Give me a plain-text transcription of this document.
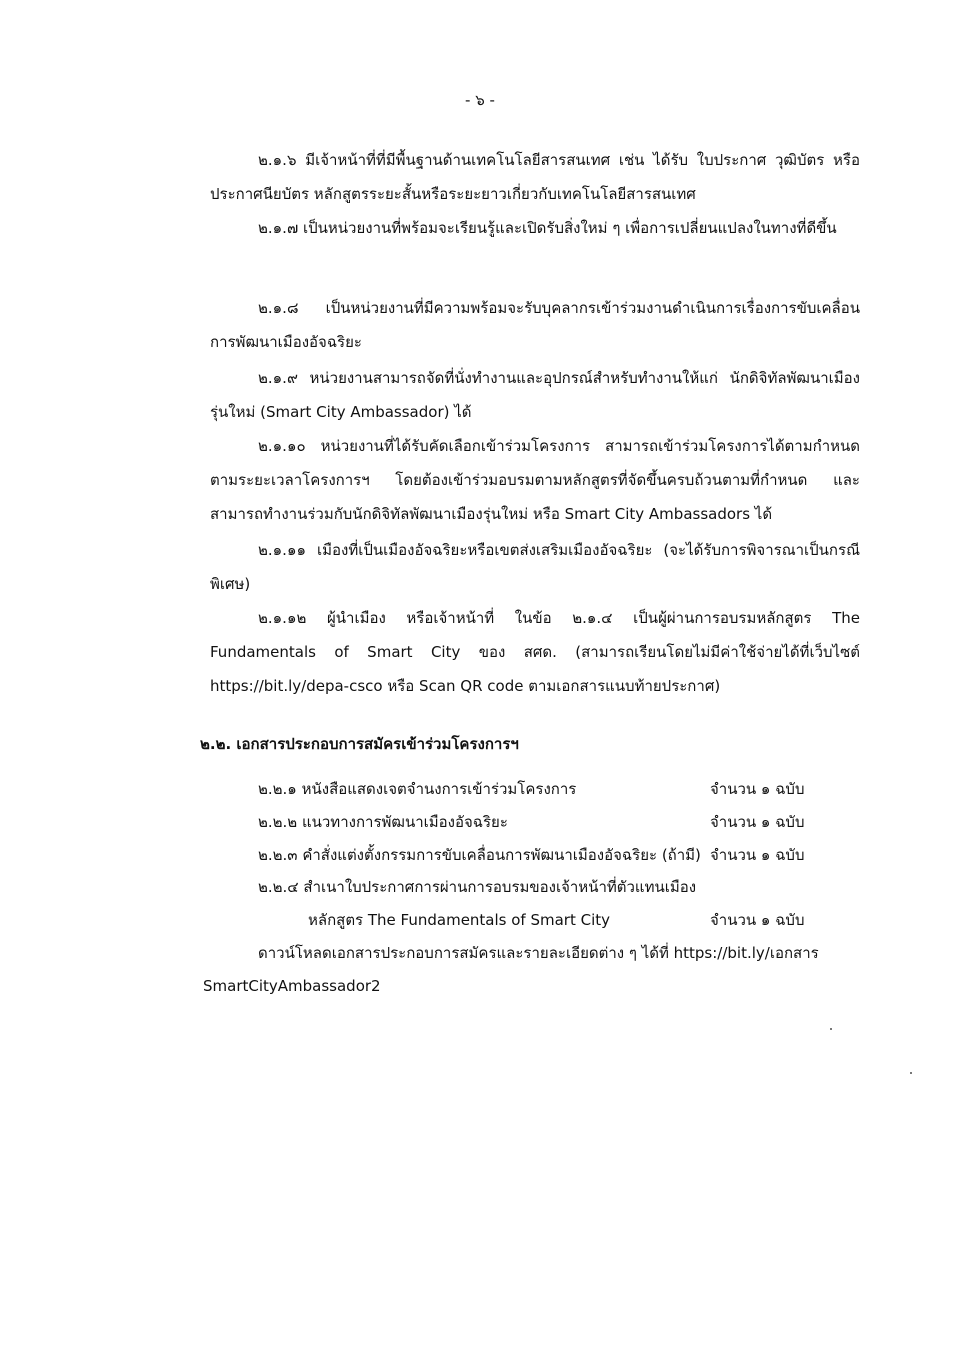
- ๖ -
๒.๑.๖ มีเจ้าหน้าที่ที่มีพื้นฐานด้านเทคโนโลยีสารสนเทศ เช่น ได้รับ ใบประกาศ วุฒิบัตร หรือประกาศนียบัตร หลักสูตรระยะสั้นหรือระยะยาวเกี่ยวกับเทคโนโลยีสารสนเทศ
๒.๑.๗ เป็นหน่วยงานที่พร้อมจะเรียนรู้และเปิดรับสิ่งใหม่ ๆ เพื่อการเปลี่ยนแปลงในทางที่ดีขึ้น
๒.๑.๘ เป็นหน่วยงานที่มีความพร้อมจะรับบุคลากรเข้าร่วมงานดำเนินการเรื่องการขับเคลื่อนการพัฒนาเมืองอัจฉริยะ
๒.๑.๙ หน่วยงานสามารถจัดที่นั่งทำงานและอุปกรณ์สำหรับทำงานให้แก่ นักดิจิทัลพัฒนาเมืองรุ่นใหม่ (Smart City Ambassador) ได้
๒.๑.๑๐ หน่วยงานที่ได้รับคัดเลือกเข้าร่วมโครงการ สามารถเข้าร่วมโครงการได้ตามกำหนดตามระยะเวลาโครงการฯ โดยต้องเข้าร่วมอบรมตามหลักสูตรที่จัดขึ้นครบถ้วนตามที่กำหนด และสามารถทำงานร่วมกับนักดิจิทัลพัฒนาเมืองรุ่นใหม่ หรือ Smart City Ambassadors ได้
๒.๑.๑๑ เมืองที่เป็นเมืองอัจฉริยะหรือเขตส่งเสริมเมืองอัจฉริยะ (จะได้รับการพิจารณาเป็นกรณีพิเศษ)
๒.๑.๑๒ ผู้นำเมือง หรือเจ้าหน้าที่ ในข้อ ๒.๑.๔ เป็นผู้ผ่านการอบรมหลักสูตร The Fundamentals of Smart City ของ สศด. (สามารถเรียนโดยไม่มีค่าใช้จ่ายได้ที่เว็บไซต์ https://bit.ly/depa-csco หรือ Scan QR code ตามเอกสารแนบท้ายประกาศ)
๒.๒. เอกสารประกอบการสมัครเข้าร่วมโครงการฯ
๒.๒.๑ หนังสือแสดงเจตจำนงการเข้าร่วมโครงการ	จำนวน ๑ ฉบับ
๒.๒.๒ แนวทางการพัฒนาเมืองอัจฉริยะ	จำนวน ๑ ฉบับ
๒.๒.๓ คำสั่งแต่งตั้งกรรมการขับเคลื่อนการพัฒนาเมืองอัจฉริยะ (ถ้ามี) จำนวน ๑ ฉบับ
๒.๒.๔ สำเนาใบประกาศการผ่านการอบรมของเจ้าหน้าที่ตัวแทนเมือง
หลักสูตร The Fundamentals of Smart City	จำนวน ๑ ฉบับ
ดาวน์โหลดเอกสารประกอบการสมัครและรายละเอียดต่าง ๆ ได้ที่ https://bit.ly/เอกสาร
SmartCityAmbassador2
